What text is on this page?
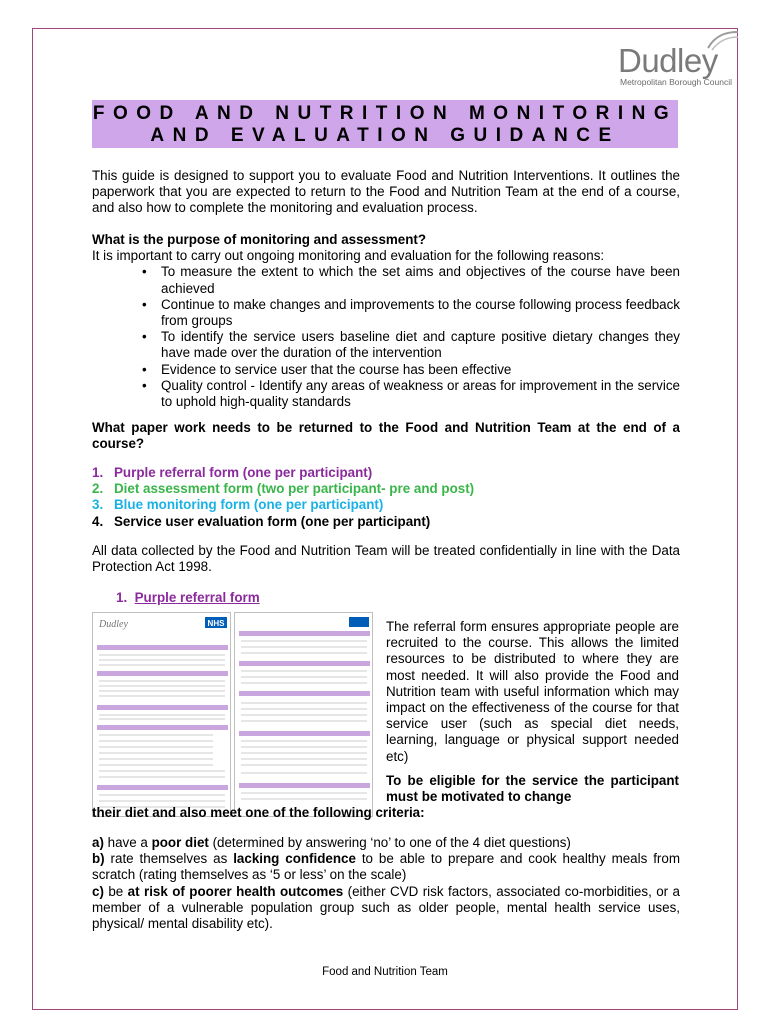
Dudley
Metropolitan Borough Council
FOOD AND NUTRITION MONITORING
AND EVALUATION GUIDANCE
This guide is designed to support you to evaluate Food and Nutrition Interventions. It outlines the paperwork that you are expected to return to the Food and Nutrition Team at the end of a course, and also how to complete the monitoring and evaluation process.
What is the purpose of monitoring and assessment?
It is important to carry out ongoing monitoring and evaluation for the following reasons:
• To measure the extent to which the set aims and objectives of the course have been achieved
• Continue to make changes and improvements to the course following process feedback from groups
• To identify the service users baseline diet and capture positive dietary changes they have made over the duration of the intervention
• Evidence to service user that the course has been effective
• Quality control - Identify any areas of weakness or areas for improvement in the service to uphold high-quality standards
What paper work needs to be returned to the Food and Nutrition Team at the end of a course?
1. Purple referral form (one per participant)
2. Diet assessment form (two per participant- pre and post)
3. Blue monitoring form (one per participant)
4. Service user evaluation form (one per participant)
All data collected by the Food and Nutrition Team will be treated confidentially in line with the Data Protection Act 1998.
1. Purple referral form
Dudley	NHS	The referral form ensures appropriate people are recruited to the course. This allows the limited resources to be distributed to where they are most needed. It will also provide the Food and Nutrition team with useful information which may impact on the effectiveness of the course for that service user (such as special diet needs, learning, language or physical support needed etc)
To be eligible for the service the participant must be motivated to change
their diet and also meet one of the following criteria:
a) have a poor diet (determined by answering ‘no’ to one of the 4 diet questions)
b) rate themselves as lacking confidence to be able to prepare and cook healthy meals from scratch (rating themselves as ‘5 or less’ on the scale)
c) be at risk of poorer health outcomes (either CVD risk factors, associated co-morbidities, or a member of a vulnerable population group such as older people, mental health service uses, physical/ mental disability etc).
Food and Nutrition Team
